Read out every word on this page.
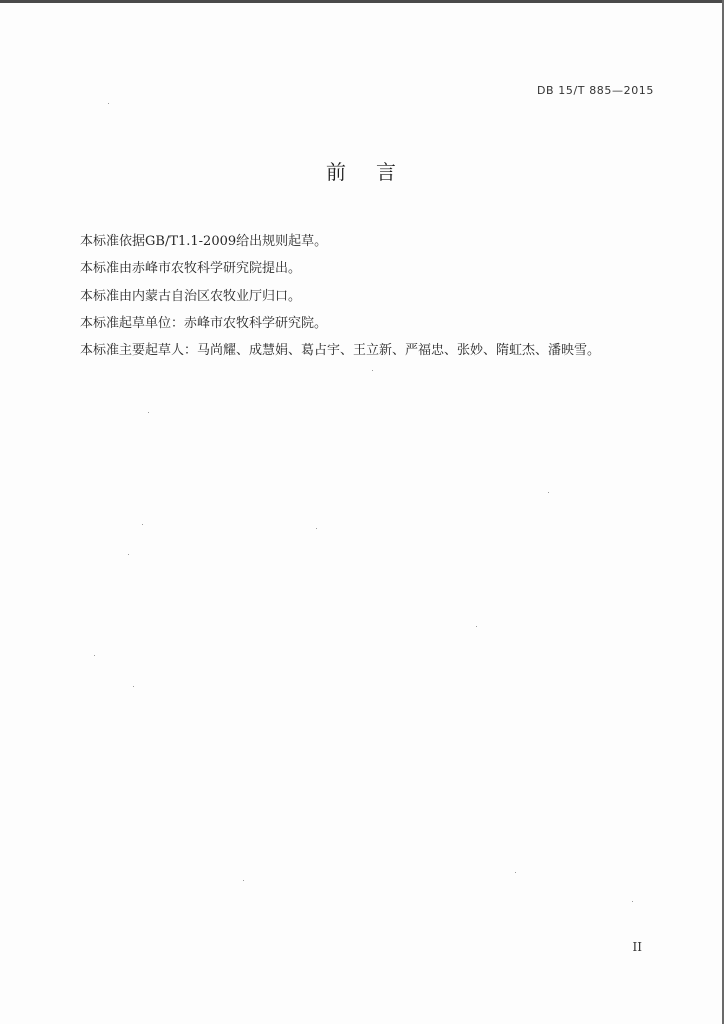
DB 15/T 885—2015
前 言
本标准依据GB/T1.1-2009给出规则起草。
本标准由赤峰市农牧科学研究院提出。
本标准由内蒙古自治区农牧业厅归口。
本标准起草单位：赤峰市农牧科学研究院。
本标准主要起草人：马尚耀、成慧娟、葛占宇、王立新、严福忠、张妙、隋虹杰、潘映雪。
II
